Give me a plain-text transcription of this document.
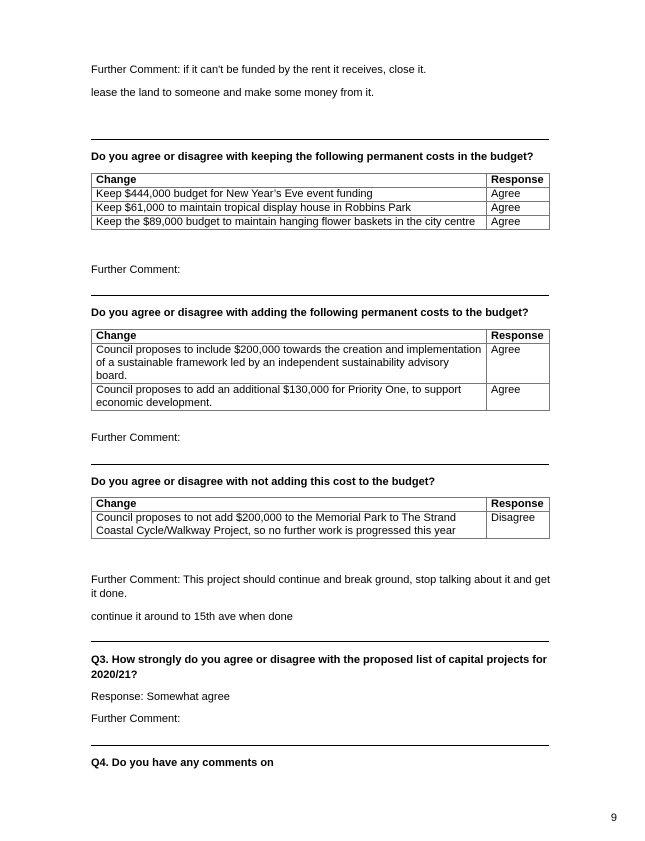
Further Comment: if it can't be funded by the rent it receives, close it.

lease the land to someone and make some money from it.

Do you agree or disagree with keeping the following permanent costs in the budget?

Change	Response
Keep $444,000 budget for New Year’s Eve event funding	Agree
Keep $61,000 to maintain tropical display house in Robbins Park	Agree
Keep the $89,000 budget to maintain hanging flower baskets in the city centre	Agree

Further Comment:

Do you agree or disagree with adding the following permanent costs to the budget?

Change	Response
Council proposes to include $200,000 towards the creation and implementation of a sustainable framework led by an independent sustainability advisory board.	Agree
Council proposes to add an additional $130,000 for Priority One, to support economic development.	Agree

Further Comment:

Do you agree or disagree with not adding this cost to the budget?

Change	Response
Council proposes to not add $200,000 to the Memorial Park to The Strand Coastal Cycle/Walkway Project, so no further work is progressed this year	Disagree

Further Comment: This project should continue and break ground, stop talking about it and get it done.

continue it around to 15th ave when done

Q3. How strongly do you agree or disagree with the proposed list of capital projects for 2020/21?

Response: Somewhat agree

Further Comment:

Q4. Do you have any comments on

9
